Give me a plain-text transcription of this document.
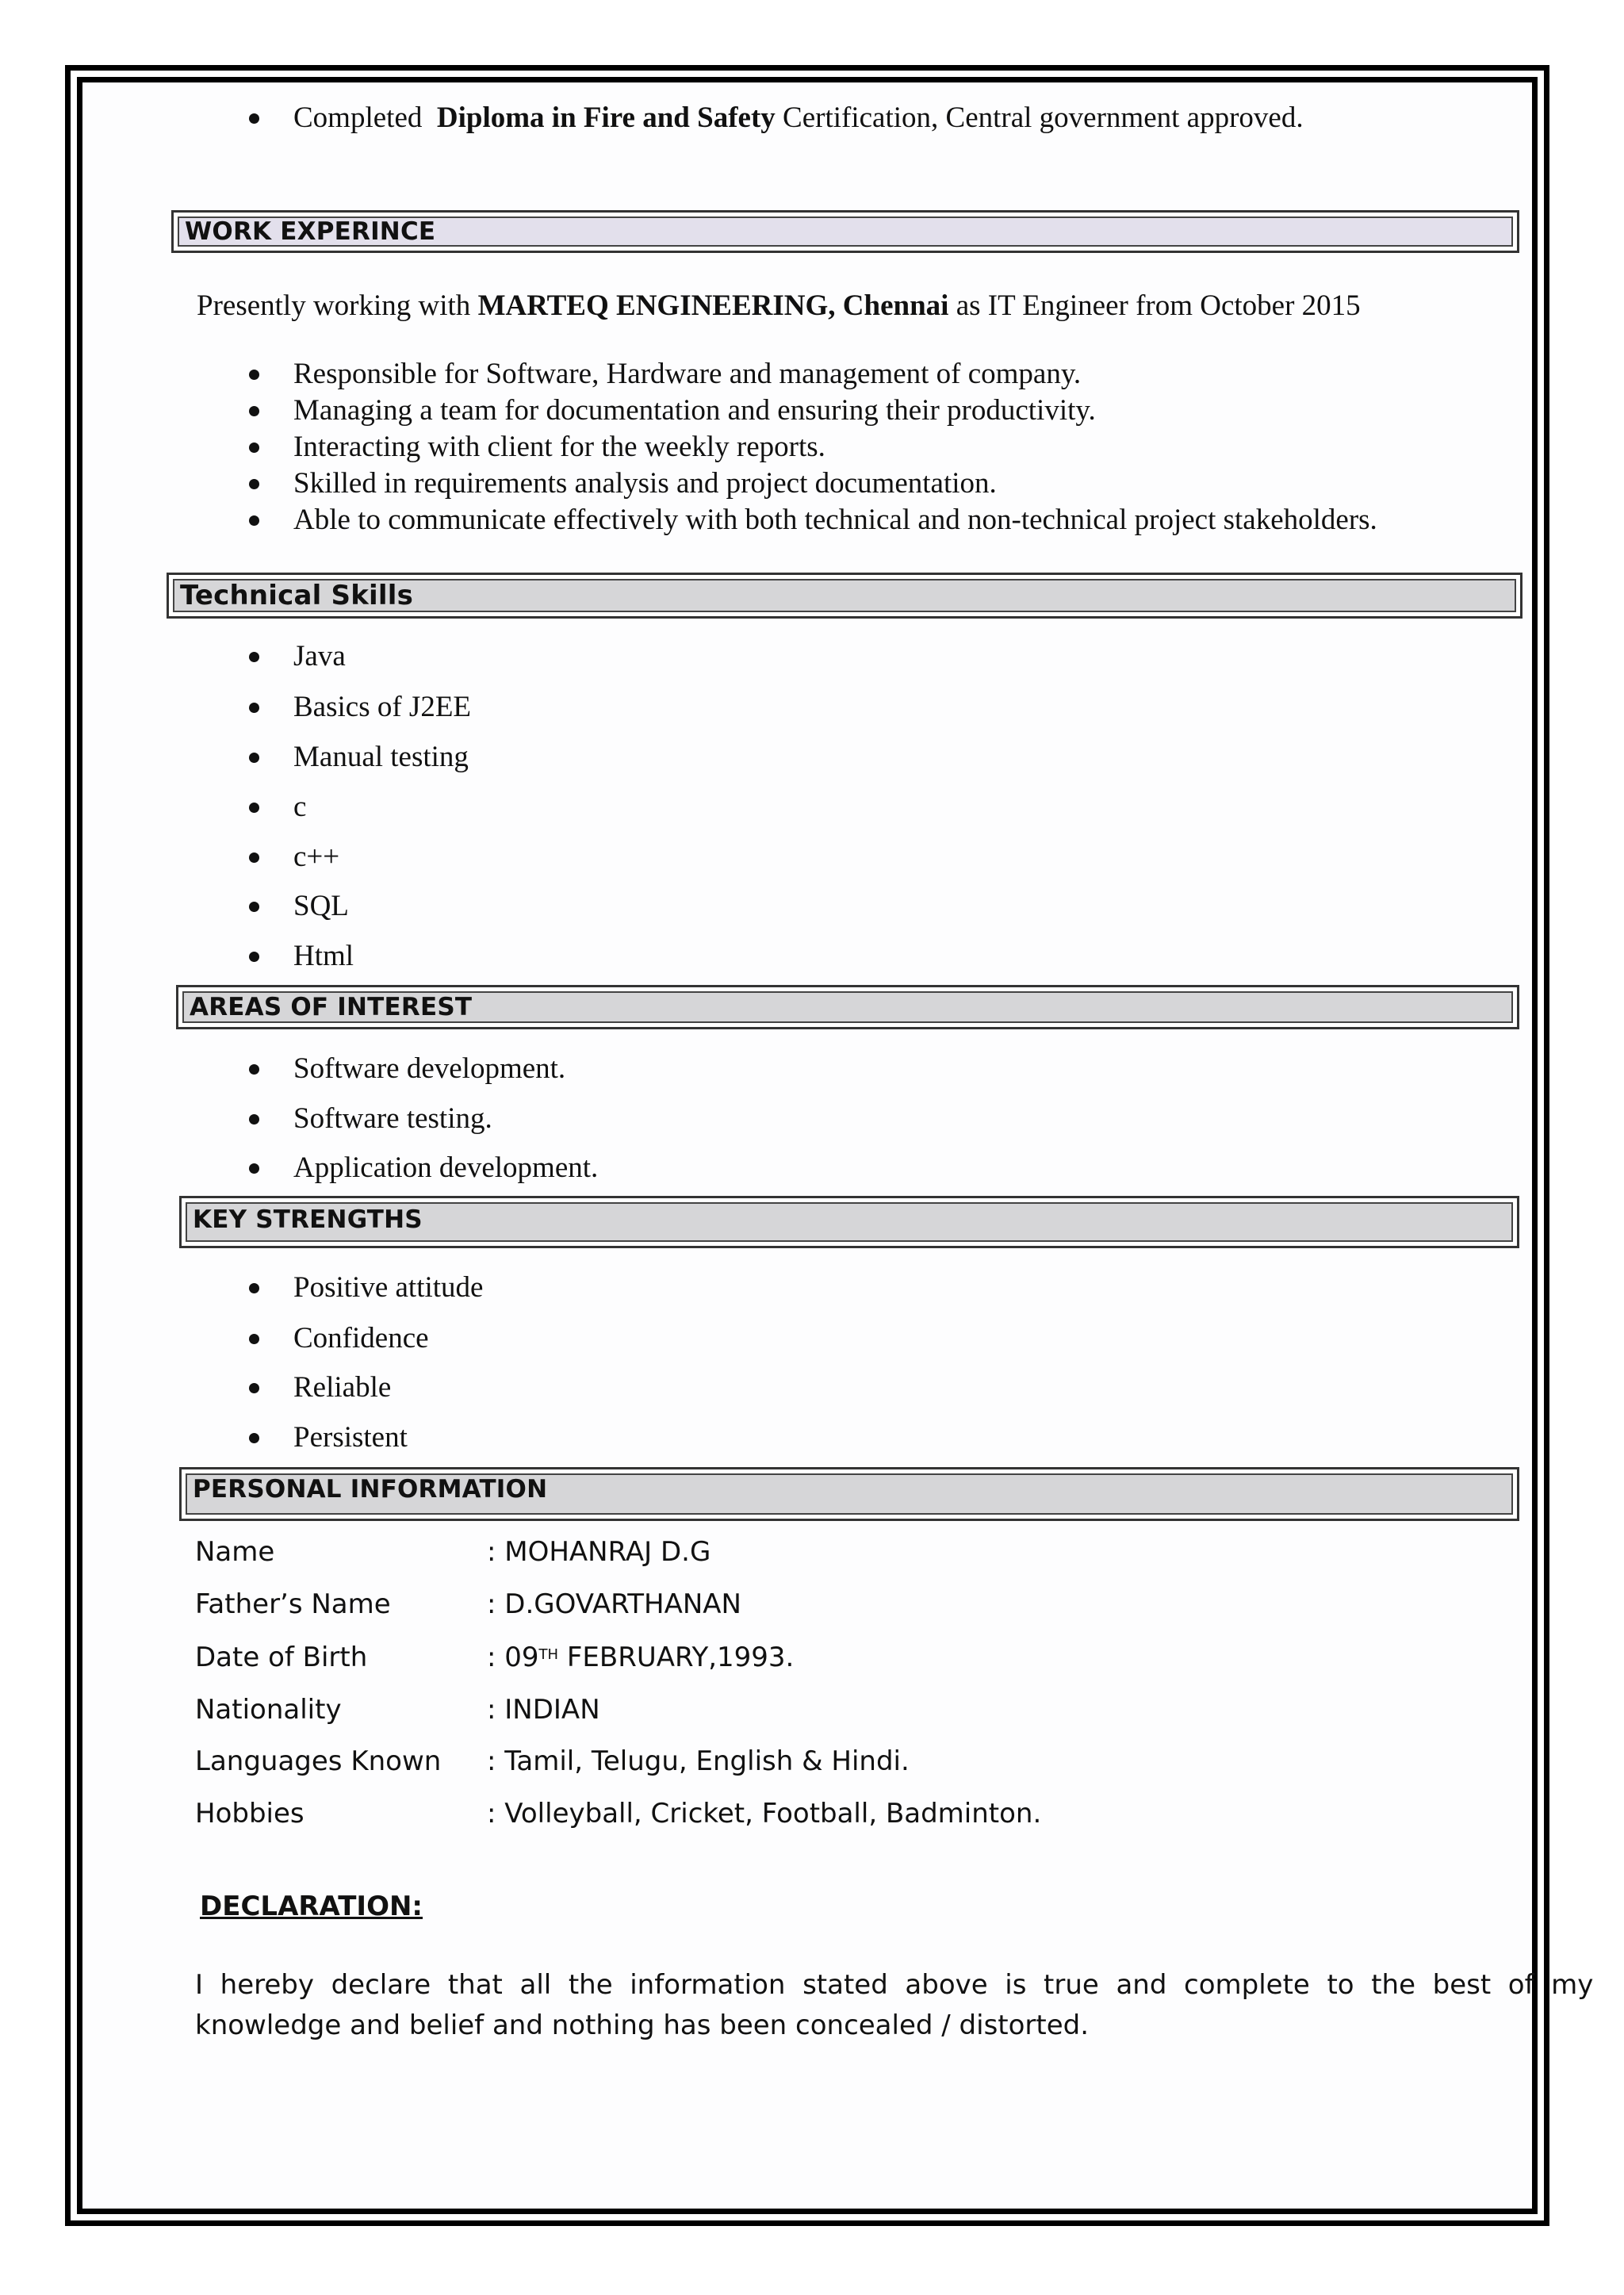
Completed Diploma in Fire and Safety Certification, Central government approved.
WORK EXPERINCE
Presently working with MARTEQ ENGINEERING, Chennai as IT Engineer from October 2015
Responsible for Software, Hardware and management of company.
Managing a team for documentation and ensuring their productivity.
Interacting with client for the weekly reports.
Skilled in requirements analysis and project documentation.
Able to communicate effectively with both technical and non-technical project stakeholders.
Technical Skills
Java
Basics of J2EE
Manual testing
c
c++
SQL
Html
AREAS OF INTEREST
Software development.
Software testing.
Application development.
KEY STRENGTHS
Positive attitude
Confidence
Reliable
Persistent
PERSONAL INFORMATION
Name	: MOHANRAJ D.G
Father’s Name	: D.GOVARTHANAN
Date of Birth	: 09TH FEBRUARY,1993.
Nationality	: INDIAN
Languages Known : Tamil, Telugu, English & Hindi.
Hobbies	: Volleyball, Cricket, Football, Badminton.
DECLARATION:
I  hereby  declare  that  all  the  information  stated  above  is  true  and  complete  to  the  best  of  my
knowledge and belief and nothing has been concealed / distorted.
